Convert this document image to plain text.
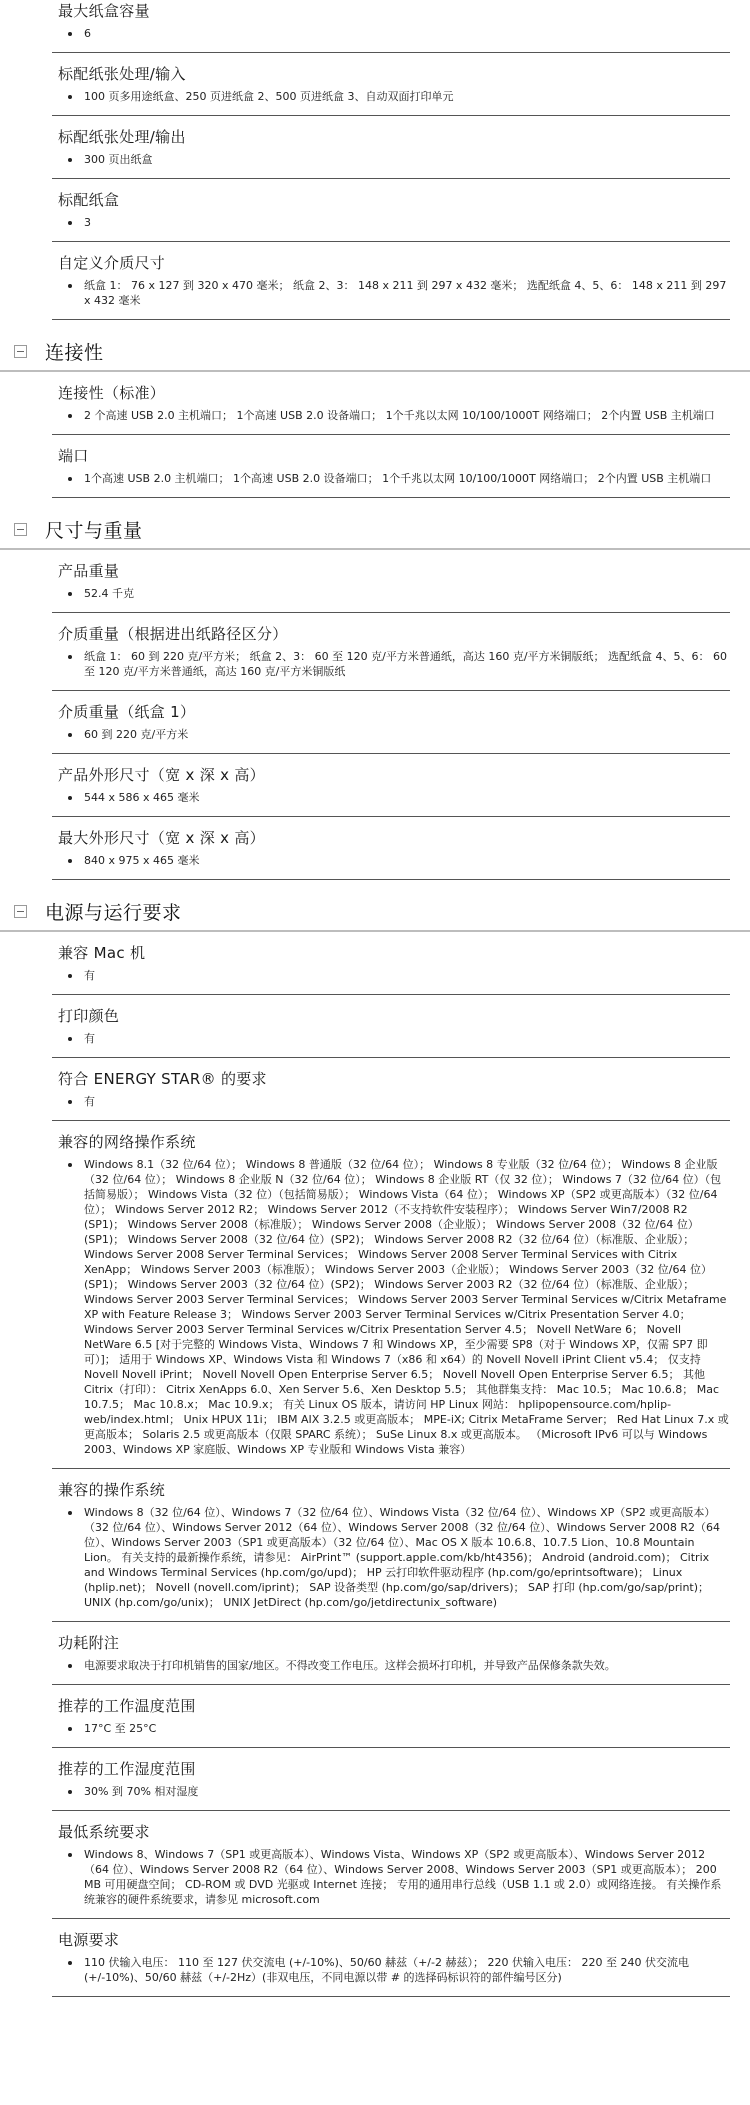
最大纸盒容量
6
标配纸张处理/输入
100 页多用途纸盒、250 页进纸盒 2、500 页进纸盒 3、自动双面打印单元
标配纸张处理/输出
300 页出纸盒
标配纸盒
3
自定义介质尺寸
纸盒 1： 76 x 127 到 320 x 470 毫米； 纸盒 2、3： 148 x 211 到 297 x 432 毫米； 选配纸盒 4、5、6： 148 x 211 到 297 x 432 毫米
连接性
连接性（标准）
2 个高速 USB 2.0 主机端口； 1个高速 USB 2.0 设备端口； 1个千兆以太网 10/100/1000T 网络端口； 2个内置 USB 主机端口
端口
1个高速 USB 2.0 主机端口； 1个高速 USB 2.0 设备端口； 1个千兆以太网 10/100/1000T 网络端口； 2个内置 USB 主机端口
尺寸与重量
产品重量
52.4 千克
介质重量（根据进出纸路径区分）
纸盒 1： 60 到 220 克/平方米； 纸盒 2、3： 60 至 120 克/平方米普通纸，高达 160 克/平方米铜版纸； 选配纸盒 4、5、6： 60 至 120 克/平方米普通纸，高达 160 克/平方米铜版纸
介质重量（纸盒 1）
60 到 220 克/平方米
产品外形尺寸（宽 x 深 x 高）
544 x 586 x 465 毫米
最大外形尺寸（宽 x 深 x 高）
840 x 975 x 465 毫米
电源与运行要求
兼容 Mac 机
有
打印颜色
有
符合 ENERGY STAR® 的要求
有
兼容的网络操作系统
Windows 8.1（32 位/64 位）； Windows 8 普通版（32 位/64 位）； Windows 8 专业版（32 位/64 位）； Windows 8 企业版（32 位/64 位）； Windows 8 企业版 N（32 位/64 位）； Windows 8 企业版 RT（仅 32 位）； Windows 7（32 位/64 位）（包括简易版）； Windows Vista（32 位）（包括简易版）； Windows Vista（64 位）； Windows XP（SP2 或更高版本）（32 位/64 位）； Windows Server 2012 R2； Windows Server 2012（不支持软件安装程序）； Windows Server Win7/2008 R2 (SP1)； Windows Server 2008（标准版）； Windows Server 2008（企业版）； Windows Server 2008（32 位/64 位）(SP1)； Windows Server 2008（32 位/64 位）(SP2)； Windows Server 2008 R2（32 位/64 位）（标准版、企业版）； Windows Server 2008 Server Terminal Services； Windows Server 2008 Server Terminal Services with Citrix XenApp； Windows Server 2003（标准版）； Windows Server 2003（企业版）； Windows Server 2003（32 位/64 位）(SP1)； Windows Server 2003（32 位/64 位）(SP2)； Windows Server 2003 R2（32 位/64 位）（标准版、企业版）； Windows Server 2003 Server Terminal Services； Windows Server 2003 Server Terminal Services w/Citrix Metaframe XP with Feature Release 3； Windows Server 2003 Server Terminal Services w/Citrix Presentation Server 4.0； Windows Server 2003 Server Terminal Services w/Citrix Presentation Server 4.5； Novell NetWare 6； Novell NetWare 6.5 [对于完整的 Windows Vista、Windows 7 和 Windows XP，至少需要 SP8（对于 Windows XP，仅需 SP7 即可）]； 适用于 Windows XP、Windows Vista 和 Windows 7（x86 和 x64）的 Novell Novell iPrint Client v5.4； 仅支持 Novell Novell iPrint； Novell Novell Open Enterprise Server 6.5； Novell Novell Open Enterprise Server 6.5； 其他 Citrix（打印）： Citrix XenApps 6.0、Xen Server 5.6、Xen Desktop 5.5； 其他群集支持： Mac 10.5； Mac 10.6.8； Mac 10.7.5； Mac 10.8.x； Mac 10.9.x； 有关 Linux OS 版本，请访问 HP Linux 网站： hplipopensource.com/hplip-web/index.html； Unix HPUX 11i； IBM AIX 3.2.5 或更高版本； MPE-iX; Citrix MetaFrame Server； Red Hat Linux 7.x 或更高版本； Solaris 2.5 或更高版本（仅限 SPARC 系统）； SuSe Linux 8.x 或更高版本。 （Microsoft IPv6 可以与 Windows 2003、Windows XP 家庭版、Windows XP 专业版和 Windows Vista 兼容）
兼容的操作系统
Windows 8（32 位/64 位）、Windows 7（32 位/64 位）、Windows Vista（32 位/64 位）、Windows XP（SP2 或更高版本）（32 位/64 位）、Windows Server 2012（64 位）、Windows Server 2008（32 位/64 位）、Windows Server 2008 R2（64 位）、Windows Server 2003（SP1 或更高版本）（32 位/64 位）、Mac OS X 版本 10.6.8、10.7.5 Lion、10.8 Mountain Lion。 有关支持的最新操作系统，请参见： AirPrint™ (support.apple.com/kb/ht4356)； Android (android.com)； Citrix and Windows Terminal Services (hp.com/go/upd)； HP 云打印软件驱动程序 (hp.com/go/eprintsoftware)； Linux (hplip.net)； Novell (novell.com/iprint)； SAP 设备类型 (hp.com/go/sap/drivers)； SAP 打印 (hp.com/go/sap/print)； UNIX (hp.com/go/unix)； UNIX JetDirect (hp.com/go/jetdirectunix_software)
功耗附注
电源要求取决于打印机销售的国家/地区。不得改变工作电压。这样会损坏打印机，并导致产品保修条款失效。
推荐的工作温度范围
17°C 至 25°C
推荐的工作湿度范围
30% 到 70% 相对湿度
最低系统要求
Windows 8、Windows 7（SP1 或更高版本）、Windows Vista、Windows XP（SP2 或更高版本）、Windows Server 2012（64 位）、Windows Server 2008 R2（64 位）、Windows Server 2008、Windows Server 2003（SP1 或更高版本）； 200 MB 可用硬盘空间； CD-ROM 或 DVD 光驱或 Internet 连接； 专用的通用串行总线（USB 1.1 或 2.0）或网络连接。 有关操作系统兼容的硬件系统要求，请参见 microsoft.com
电源要求
110 伏输入电压： 110 至 127 伏交流电 (+/-10%)、50/60 赫兹（+/-2 赫兹）； 220 伏输入电压： 220 至 240 伏交流电 (+/-10%)、50/60 赫兹（+/-2Hz）(非双电压，不同电源以带 # 的选择码标识符的部件编号区分)
